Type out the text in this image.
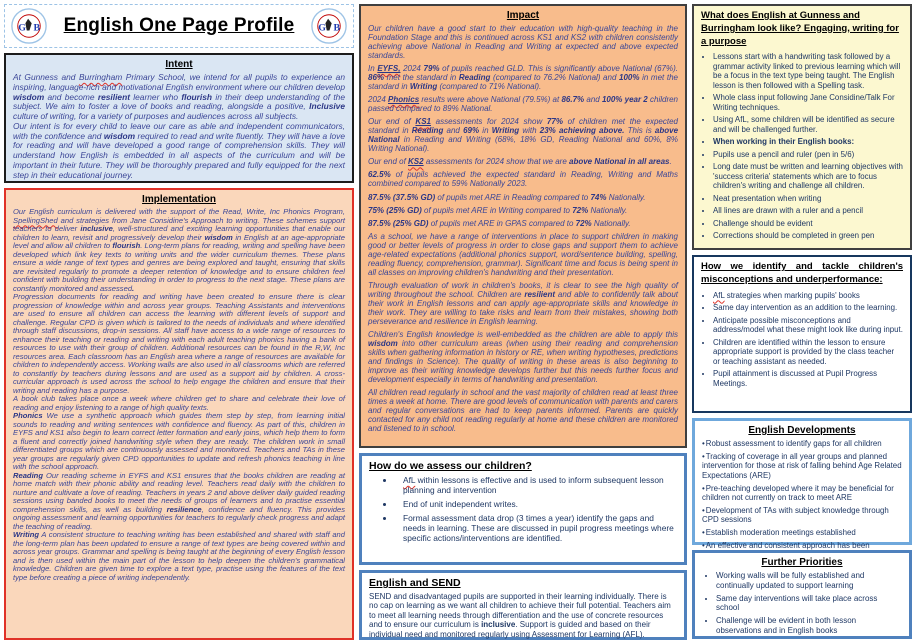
G B	English One Page Profile	G B
Intent

At Gunness and Burringham Primary School, we intend for all pupils to experience an inspiring, language-rich and motivational English environment where our children develop wisdom and become resilient learner who flourish in their deep understanding of the subject. We aim to foster a love of books and reading, alongside a positive, Inclusive culture of writing, for a variety of purposes and audiences across all subjects.

Our intent is for every child to leave our care as able and independent communicators, with the confidence and wisdom required to read and write fluently. They will have a love for reading and will have developed a good range of comprehension skills. They will understand how English is embedded in all aspects of the curriculum and will be important in their future. They will be thoroughly prepared and fully equipped for the next step in their educational journey.

Implementation

Our English curriculum is delivered with the support of the Read, Write, Inc Phonics Program, SpellingShed and strategies from Jane Considine's Approach to writing. These schemes support teachers to deliver inclusive, well-structured and exciting learning opportunities that enable our children to learn, revisit and progressively develop their wisdom in English at an age-appropriate level and allow all children to flourish. Long-term plans for reading, writing and spelling have been developed which link key texts to writing units and the wider curriculum themes. These plans ensure a wide range of text types and genres are being explored and taught, ensuring that skills are revisited regularly to promote a deeper retention of knowledge and to ensure children feel confident with building their understanding in order to progress to the next stage. These plans are constantly monitored and assessed.

Progression documents for reading and writing have been created to ensure there is clear progression of knowledge within and across year groups. Teaching Assistants and interventions are used to ensure all children can access the learning with different levels of support and challenge. Regular CPD is given which is tailored to the needs of individuals and where identified through staff discussions, drop-in sessions. All staff have access to a wide range of resources to enhance their teaching or reading and writing with each adult teaching phonics having a bank of resources to use with their group of children. Additional resources can be found in the R,W, Inc resources area. Each classroom has an English area where a range of resources are available for children to independently access. Working walls are also used in all classrooms which are referred to constantly by teachers during lessons and are used as a support aid by children. A cross-curricular approach is used across the school to help engage the children and ensure that their writing and reading has a purpose.

A book club takes place once a week where children get to share and celebrate their love of reading and enjoy listening to a range of high quality texts.

Phonics We use a synthetic approach which guides them step by step, from learning initial sounds to reading and writing sentences with confidence and fluency. As part of this, children in EYFS and KS1 also begin to learn correct letter formation and early joins, which help them to form a fluent and correctly joined handwriting style when they are ready. The children work in small differentiated groups which are continuously assessed and monitored. Teachers and TAs in these year groups are regularly given CPD opportunities to update and refresh phonics teaching in line with the school approach.

Reading Our reading scheme in EYFS and KS1 ensures that the books children are reading at home match with their phonic ability and reading level. Teachers read daily with the children to nurture and cultivate a love of reading. Teachers in years 2 and above deliver daily guided reading sessions using banded books to meet the needs of groups of learners and to practise essential comprehension skills, as well as building resilience, confidence and fluency. This provides ongoing assessment and learning opportunities for teachers to regularly check progress and adapt the teaching of reading.

Writing A consistent structure to teaching writing has been established and shared with staff and the long-term plan has been updated to ensure a range of text types are being covered within and across year groups. Grammar and spelling is being taught at the beginning of every English lesson and is then used within the main part of the lesson to help deepen the children's grammatical knowledge. Children are given time to explore a text type, practise using the features of the text type before creating a piece of writing independently.

Impact

Our children have a good start to their education with high-quality teaching in the Foundation Stage and this is continued across KS1 and KS2 with children consistently achieving above National in Reading and Writing at expected and above expected standards.

In EYFS, 2024 79% of pupils reached GLD. This is significantly above National (67%). 86% met the standard in Reading (compared to 76.2% National) and 100% in met the standard in Writing (compared to 71% National).

2024 Phonics results were above National (79.5%) at 86.7% and 100% year 2 children passed compared to 89% National.

Our end of KS1 assessments for 2024 show 77% of children met the expected standard in Reading and 69% in Writing with 23% achieving above. This is above National in Reading and Writing (68%, 18% GD, Reading National and 60%, 8% Writing National).

Our end of KS2 assessments for 2024 show that we are above National in all areas.

62.5% of pupils achieved the expected standard in Reading, Writing and Maths combined compared to 59% Nationally 2023.

87.5% (37.5% GD) of pupils met ARE in Reading compared to 74% Nationally.

75% (25% GD) of pupils met ARE in Writing compared to 72% Nationally.

87.5% (25% GD) of pupils met ARE in GPAS compared to 72% Nationally.

As a school, we have a range of interventions in place to support children in making good or better levels of progress in order to close gaps and support them to achieve age-related expectations (additional phonics support, word/sentence building, spelling, reading fluency, comprehension, grammar). Significant time and focus is being spent in all classes on improving children's handwriting and their presentation.

Through evaluation of work in children's books, it is clear to see the high quality of writing throughout the school. Children are resilient and able to confidently talk about their work in English lessons and can apply age-appropriate skills and knowledge in their work. They are willing to take risks and learn from their mistakes, showing both perseverance and resilience in English learning.

Children's English knowledge is well-embedded as the children are able to apply this wisdom into other curriculum areas (when using their reading and comprehension skills when gathering information in history or RE, when writing hypotheses, predictions and findings in Science). The quality of writing in these areas is also beginning to improve as their writing knowledge develops further but this needs further focus and development especially in terms of handwriting and presentation.

All children read regularly in school and the vast majority of children read at least three times a week at home. There are good levels of communication with parents and carers and regular conversations are had to keep parents informed. Parents are quickly contacted for any child not reading regularly at home and these children are monitored and listened to in school.

How do we assess our children?
• AfL within lessons is effective and is used to inform subsequent lesson planning and intervention
• End of unit independent writes.
• Formal assessment data drop (3 times a year) identify the gaps and needs in learning. These are discussed in pupil progress meetings where specific actions/interventions are identified.
English and SEND

SEND and disadvantaged pupils are supported in their learning individually. There is no cap on learning as we want all children to achieve their full potential. Teachers aim to meet all learning needs through differentiation and the use of concrete resources and to ensure our curriculum is inclusive. Support is guided and based on their individual need and monitored regularly using Assessment for Learning (AFL).

What does English at Gunness and Burringham look like? Engaging, writing for a purpose
• Lessons start with a handwriting task followed by a grammar activity linked to previous learning which will be a focus in the text type being taught. The English lesson is then followed with a Spelling task.
• Whole class input following Jane Considine/Talk For Writing techniques.
• Using AfL, some children will be identified as secure and will be challenged further.
• When working in their English books:
• Pupils use a pencil and ruler (pen in 5/6)
• Long date must be written and learning objectives with 'success criteria' statements which are to focus children's writing and challenge all children.
• Neat presentation when writing
• All lines are drawn with a ruler and a pencil
• Challenge should be evident
• Corrections should be completed in green pen
How we identify and tackle children's misconceptions and underperformance:
• AfL strategies when marking pupils' books
• Same day intervention as an addition to the learning.
• Anticipate possible misconceptions and address/model what these might look like during input.
• Children are identified within the lesson to ensure appropriate support is provided by the class teacher or teaching assistant as needed.
• Pupil attainment is discussed at Pupil Progress Meetings.
English Developments
• Robust assessment to identify gaps for all children
• Tracking of coverage in all year groups and planned intervention for those at risk of falling behind Age Related Expectations (ARE)
• Pre-teaching developed where it may be beneficial for children not currently on track to meet ARE
• Development of TAs with subject knowledge through CPD sessions
• Establish moderation meetings established
• An effective and consistent approach has been
Further Priorities
• Working walls will be fully established and continually updated to support learning
• Same day interventions will take place across school
• Challenge will be evident in both lesson observations and in English books
